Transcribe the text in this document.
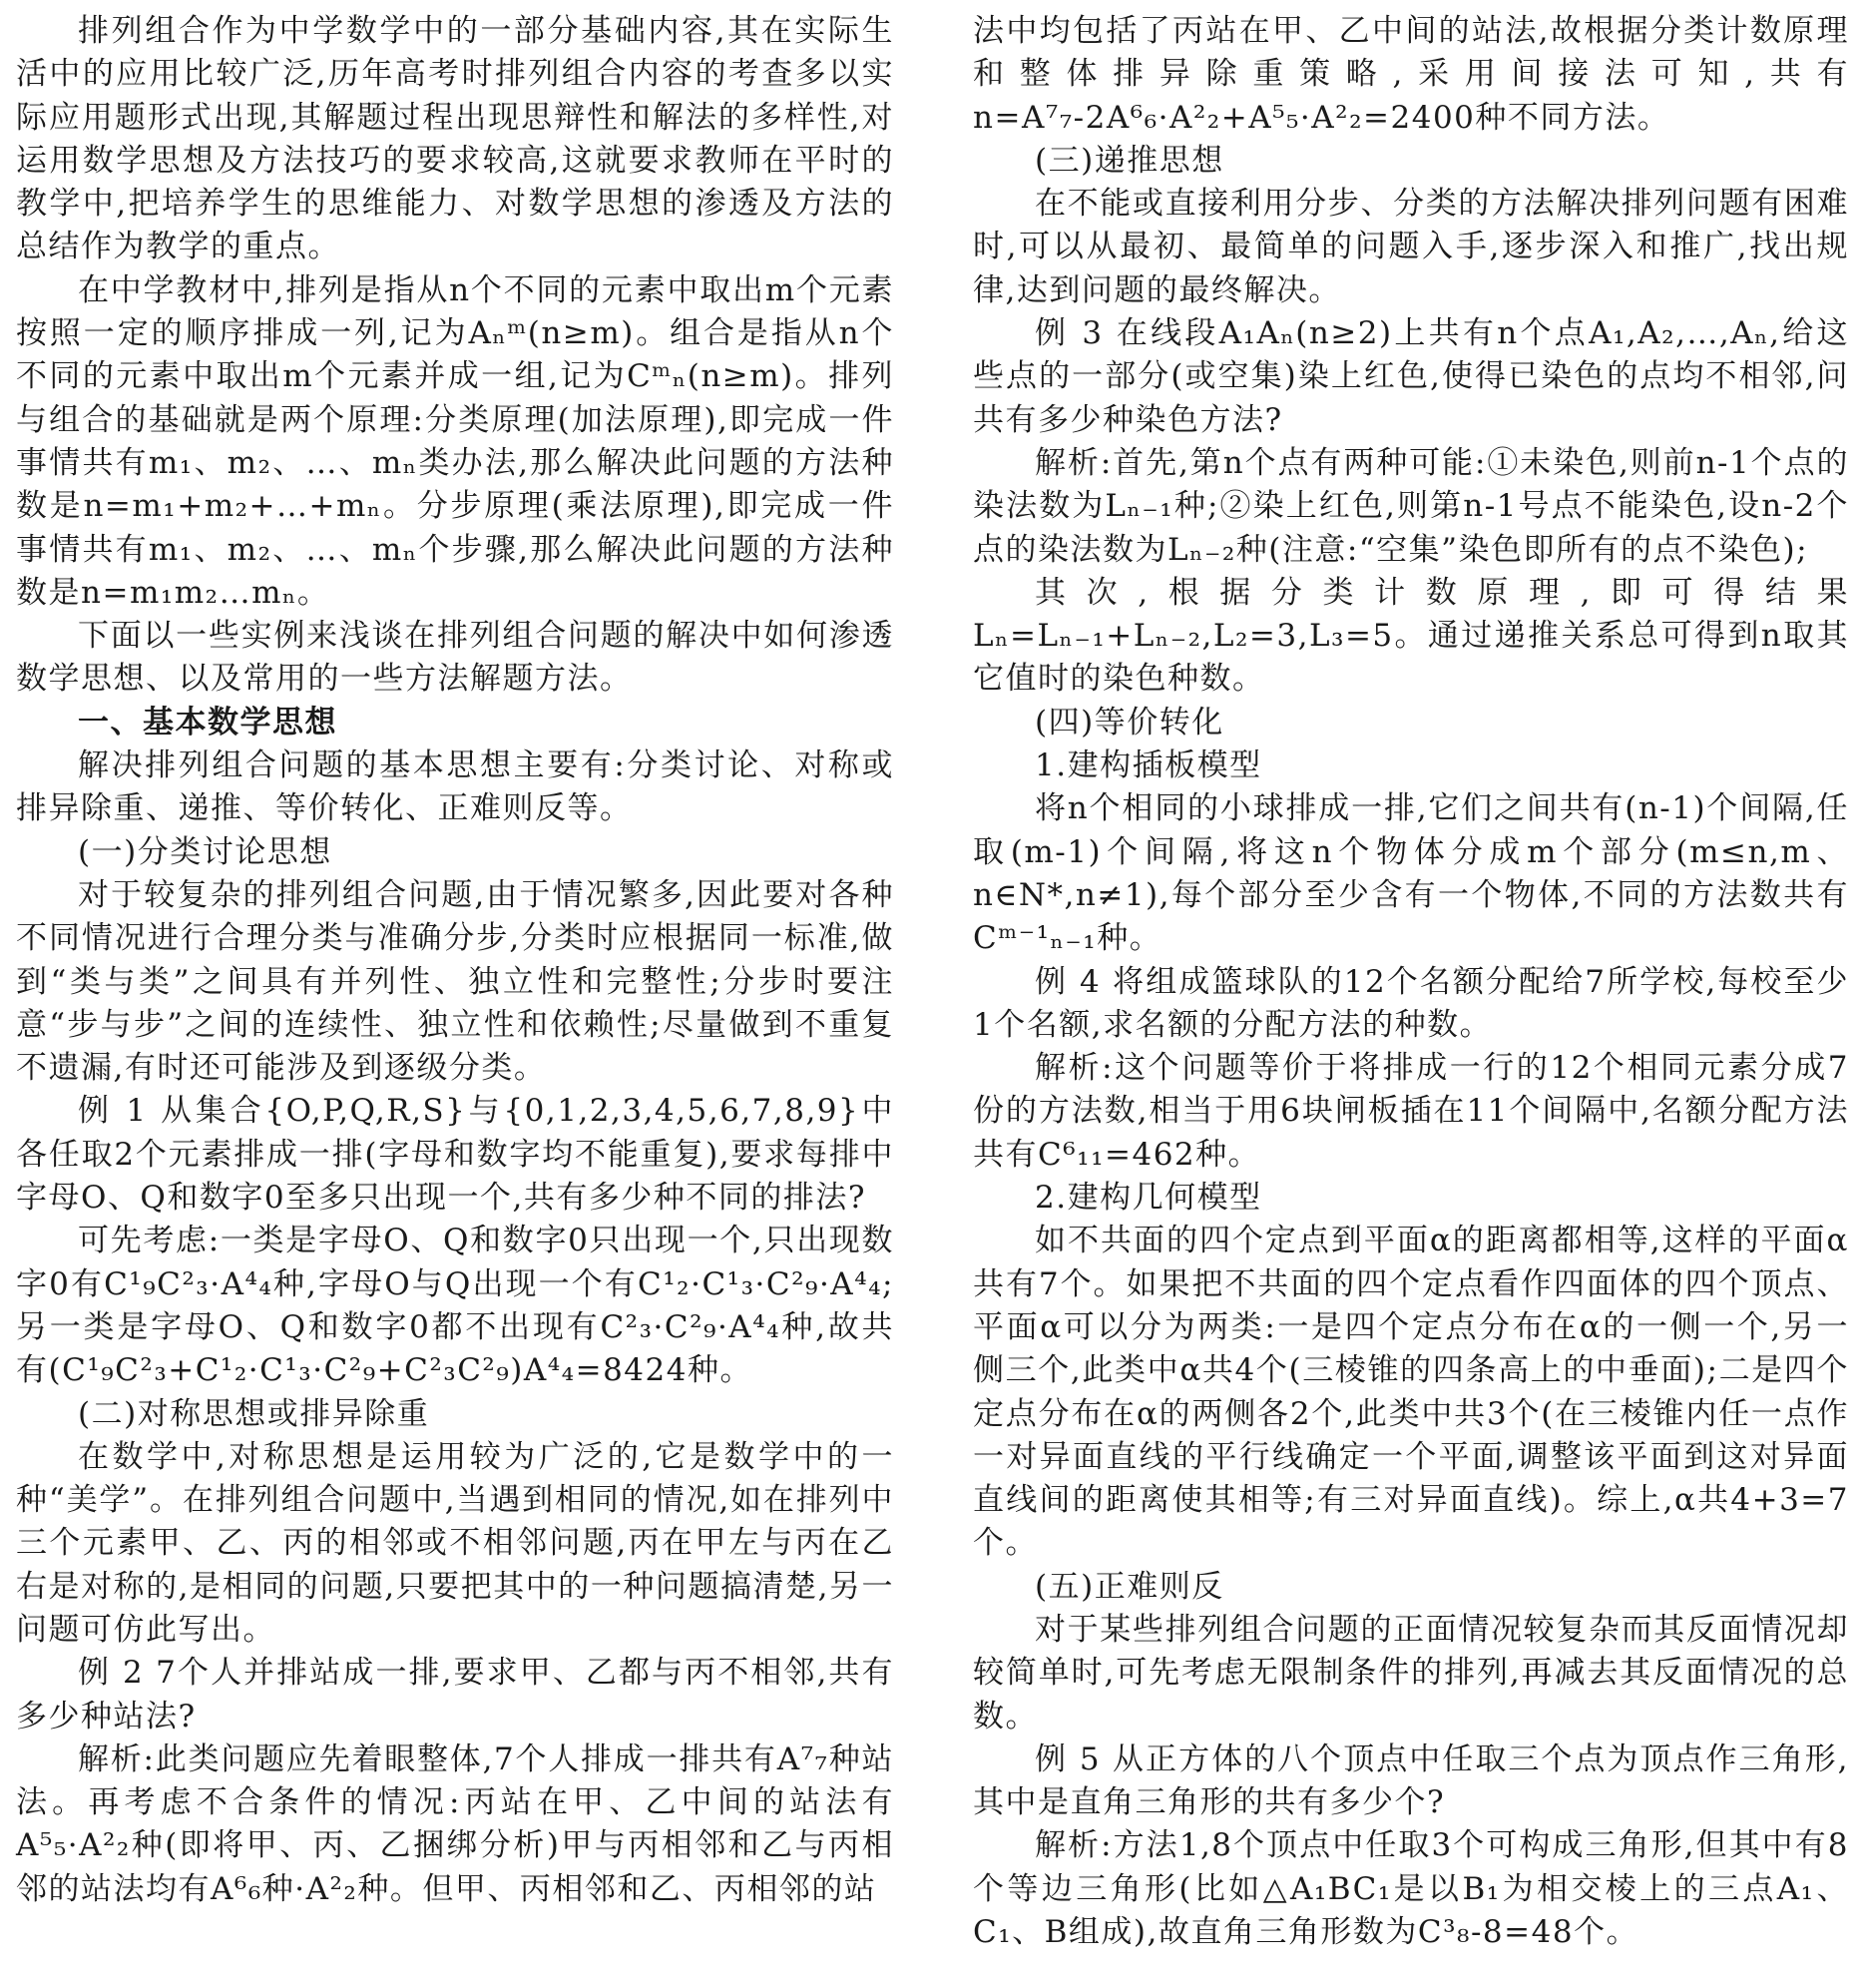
排列组合作为中学数学中的一部分基础内容,其在实际生活中的应用比较广泛,历年高考时排列组合内容的考查多以实际应用题形式出现,其解题过程出现思辩性和解法的多样性,对运用数学思想及方法技巧的要求较高,这就要求教师在平时的教学中,把培养学生的思维能力、对数学思想的渗透及方法的总结作为教学的重点。

在中学教材中,排列是指从n个不同的元素中取出m个元素按照一定的顺序排成一列,记为Aₙᵐ(n≥m)。组合是指从n个不同的元素中取出m个元素并成一组,记为Cᵐₙ(n≥m)。排列与组合的基础就是两个原理:分类原理(加法原理),即完成一件事情共有m₁、m₂、…、mₙ类办法,那么解决此问题的方法种数是n=m₁+m₂+…+mₙ。分步原理(乘法原理),即完成一件事情共有m₁、m₂、…、mₙ个步骤,那么解决此问题的方法种数是n=m₁m₂…mₙ。

下面以一些实例来浅谈在排列组合问题的解决中如何渗透数学思想、以及常用的一些方法解题方法。

一、基本数学思想

解决排列组合问题的基本思想主要有:分类讨论、对称或排异除重、递推、等价转化、正难则反等。

(一)分类讨论思想

对于较复杂的排列组合问题,由于情况繁多,因此要对各种不同情况进行合理分类与准确分步,分类时应根据同一标准,做到“类与类”之间具有并列性、独立性和完整性;分步时要注意“步与步”之间的连续性、独立性和依赖性;尽量做到不重复不遗漏,有时还可能涉及到逐级分类。

例 1 从集合{O,P,Q,R,S}与{0,1,2,3,4,5,6,7,8,9}中各任取2个元素排成一排(字母和数字均不能重复),要求每排中字母O、Q和数字0至多只出现一个,共有多少种不同的排法?

可先考虑:一类是字母O、Q和数字0只出现一个,只出现数字0有C¹₉C²₃·A⁴₄种,字母O与Q出现一个有C¹₂·C¹₃·C²₉·A⁴₄;另一类是字母O、Q和数字0都不出现有C²₃·C²₉·A⁴₄种,故共有(C¹₉C²₃+C¹₂·C¹₃·C²₉+C²₃C²₉)A⁴₄=8424种。

(二)对称思想或排异除重

在数学中,对称思想是运用较为广泛的,它是数学中的一种“美学”。在排列组合问题中,当遇到相同的情况,如在排列中三个元素甲、乙、丙的相邻或不相邻问题,丙在甲左与丙在乙右是对称的,是相同的问题,只要把其中的一种问题搞清楚,另一问题可仿此写出。

例 2 7个人并排站成一排,要求甲、乙都与丙不相邻,共有多少种站法?

解析:此类问题应先着眼整体,7个人排成一排共有A⁷₇种站法。再考虑不合条件的情况:丙站在甲、乙中间的站法有A⁵₅·A²₂种(即将甲、丙、乙捆绑分析)甲与丙相邻和乙与丙相邻的站法均有A⁶₆种·A²₂种。但甲、丙相邻和乙、丙相邻的站

法中均包括了丙站在甲、乙中间的站法,故根据分类计数原理和整体排异除重策略,采用间接法可知,共有n=A⁷₇-2A⁶₆·A²₂+A⁵₅·A²₂=2400种不同方法。

(三)递推思想

在不能或直接利用分步、分类的方法解决排列问题有困难时,可以从最初、最简单的问题入手,逐步深入和推广,找出规律,达到问题的最终解决。

例 3 在线段A₁Aₙ(n≥2)上共有n个点A₁,A₂,…,Aₙ,给这些点的一部分(或空集)染上红色,使得已染色的点均不相邻,问共有多少种染色方法?

解析:首先,第n个点有两种可能:①未染色,则前n-1个点的染法数为Lₙ₋₁种;②染上红色,则第n-1号点不能染色,设n-2个点的染法数为Lₙ₋₂种(注意:“空集”染色即所有的点不染色);

其次,根据分类计数原理,即可得结果Lₙ=Lₙ₋₁+Lₙ₋₂,L₂=3,L₃=5。通过递推关系总可得到n取其它值时的染色种数。

(四)等价转化

1.建构插板模型

将n个相同的小球排成一排,它们之间共有(n-1)个间隔,任取(m-1)个间隔,将这n个物体分成m个部分(m≤n,m、n∈N*,n≠1),每个部分至少含有一个物体,不同的方法数共有Cᵐ⁻¹ₙ₋₁种。

例 4 将组成篮球队的12个名额分配给7所学校,每校至少1个名额,求名额的分配方法的种数。

解析:这个问题等价于将排成一行的12个相同元素分成7份的方法数,相当于用6块闸板插在11个间隔中,名额分配方法共有C⁶₁₁=462种。

2.建构几何模型

如不共面的四个定点到平面α的距离都相等,这样的平面α共有7个。如果把不共面的四个定点看作四面体的四个顶点、平面α可以分为两类:一是四个定点分布在α的一侧一个,另一侧三个,此类中α共4个(三棱锥的四条高上的中垂面);二是四个定点分布在α的两侧各2个,此类中共3个(在三棱锥内任一点作一对异面直线的平行线确定一个平面,调整该平面到这对异面直线间的距离使其相等;有三对异面直线)。综上,α共4+3=7个。

(五)正难则反

对于某些排列组合问题的正面情况较复杂而其反面情况却较简单时,可先考虑无限制条件的排列,再减去其反面情况的总数。

例 5 从正方体的八个顶点中任取三个点为顶点作三角形,其中是直角三角形的共有多少个?

解析:方法1,8个顶点中任取3个可构成三角形,但其中有8个等边三角形(比如△A₁BC₁是以B₁为相交棱上的三点A₁、C₁、B组成),故直角三角形数为C³₈-8=48个。
